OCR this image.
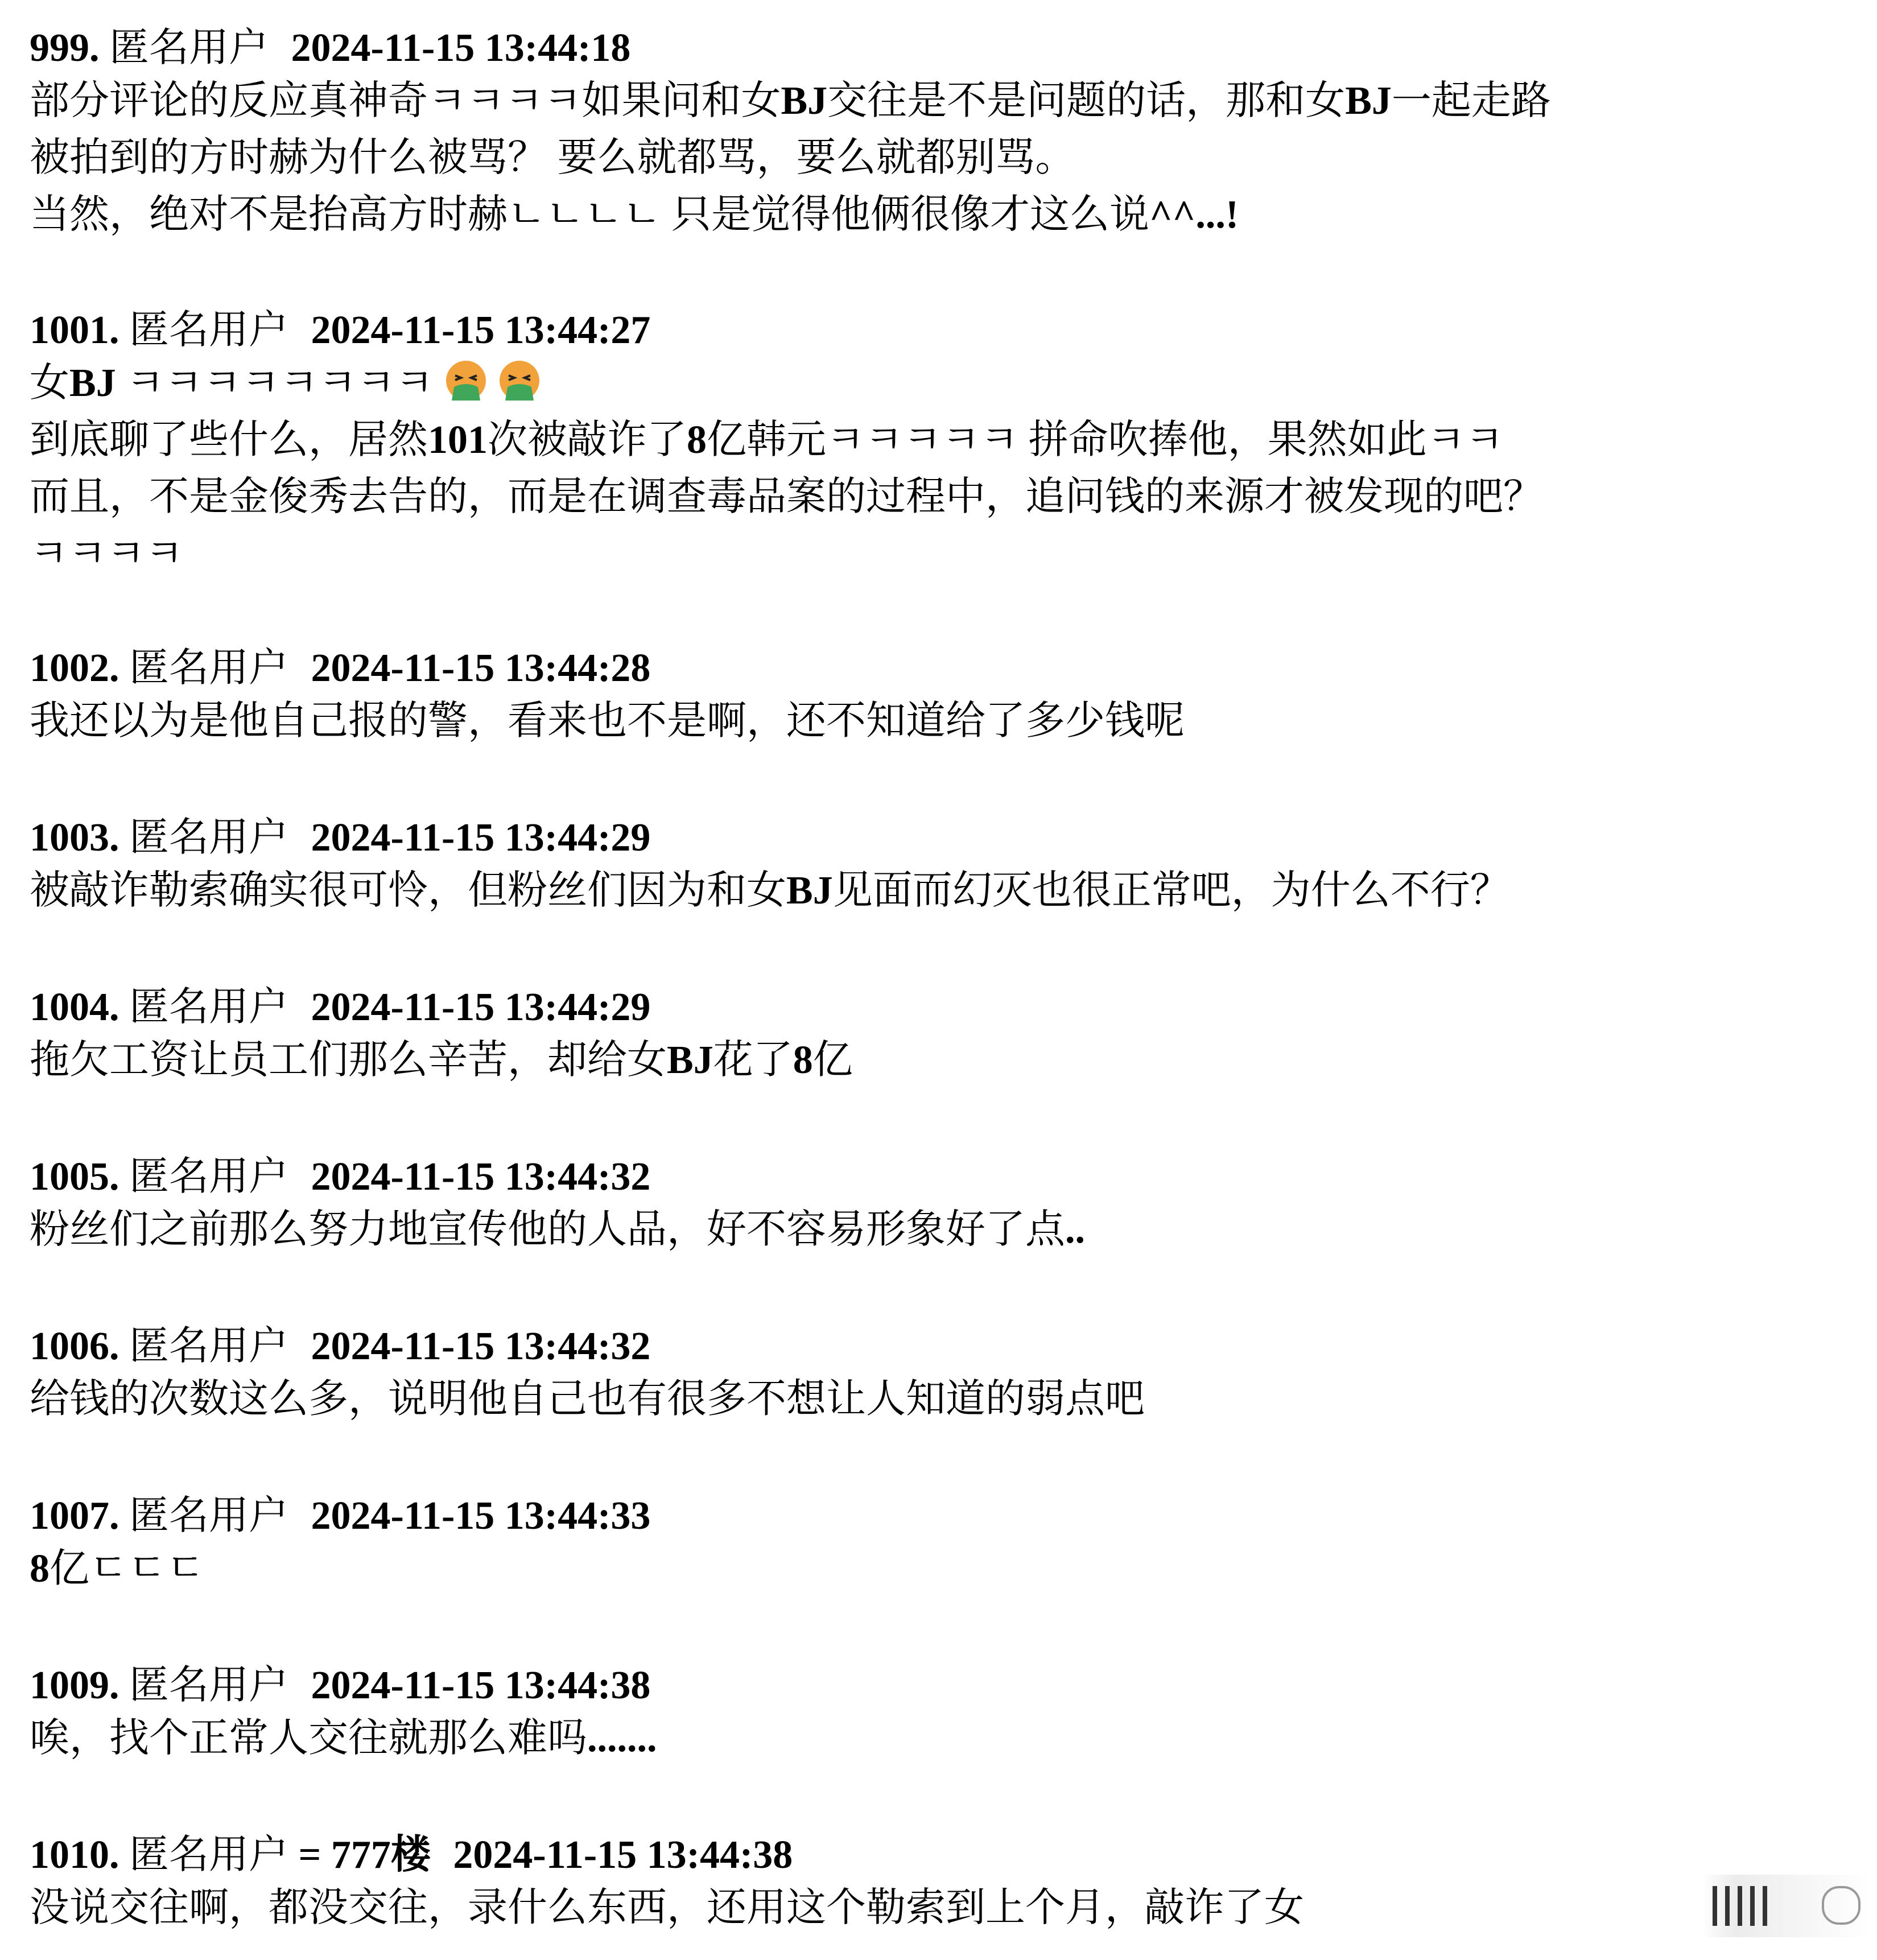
999. 匿名用户 2024-11-15 13:44:18
部分评论的反应真神奇ㅋㅋㅋㅋ如果问和女BJ交往是不是问题的话，那和女BJ一起走路
被拍到的方时赫为什么被骂？ 要么就都骂，要么就都别骂。
当然，绝对不是抬高方时赫ㄴㄴㄴㄴ 只是觉得他俩很像才这么说^^...!
1001. 匿名用户 2024-11-15 13:44:27
女BJ ㅋㅋㅋㅋㅋㅋㅋㅋ
到底聊了些什么，居然101次被敲诈了8亿韩元ㅋㅋㅋㅋㅋ 拼命吹捧他，果然如此ㅋㅋ
而且，不是金俊秀去告的，而是在调查毒品案的过程中，追问钱的来源才被发现的吧？
ㅋㅋㅋㅋ
1002. 匿名用户 2024-11-15 13:44:28
我还以为是他自己报的警，看来也不是啊，还不知道给了多少钱呢
1003. 匿名用户 2024-11-15 13:44:29
被敲诈勒索确实很可怜，但粉丝们因为和女BJ见面而幻灭也很正常吧，为什么不行？
1004. 匿名用户 2024-11-15 13:44:29
拖欠工资让员工们那么辛苦，却给女BJ花了8亿
1005. 匿名用户 2024-11-15 13:44:32
粉丝们之前那么努力地宣传他的人品，好不容易形象好了点..
1006. 匿名用户 2024-11-15 13:44:32
给钱的次数这么多，说明他自己也有很多不想让人知道的弱点吧
1007. 匿名用户 2024-11-15 13:44:33
8亿ㄷㄷㄷ
1009. 匿名用户 2024-11-15 13:44:38
唉，找个正常人交往就那么难吗.......
1010. 匿名用户 = 777楼 2024-11-15 13:44:38
没说交往啊，都没交往，录什么东西，还用这个勒索到上个月，敲诈了女
